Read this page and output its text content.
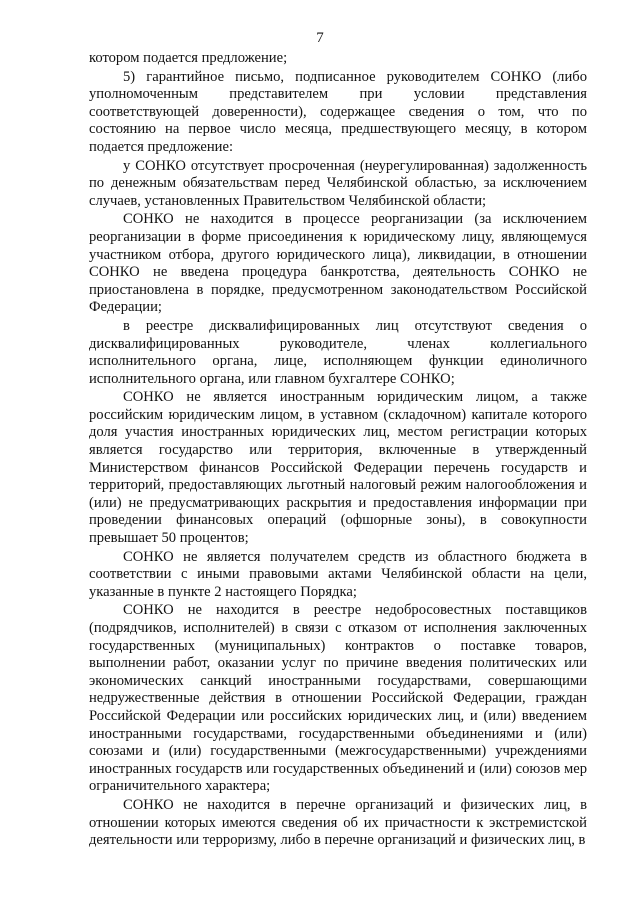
7

котором подается предложение;

5) гарантийное письмо, подписанное руководителем СОНКО (либо уполномоченным представителем при условии представления соответствующей доверенности), содержащее сведения о том, что по состоянию на первое число месяца, предшествующего месяцу, в котором подается предложение:

у СОНКО отсутствует просроченная (неурегулированная) задолженность по денежным обязательствам перед Челябинской областью, за исключением случаев, установленных Правительством Челябинской области;

СОНКО не находится в процессе реорганизации (за исключением реорганизации в форме присоединения к юридическому лицу, являющемуся участником отбора, другого юридического лица), ликвидации, в отношении СОНКО не введена процедура банкротства, деятельность СОНКО не приостановлена в порядке, предусмотренном законодательством Российской Федерации;

в реестре дисквалифицированных лиц отсутствуют сведения о дисквалифицированных руководителе, членах коллегиального исполнительного органа, лице, исполняющем функции единоличного исполнительного органа, или главном бухгалтере СОНКО;

СОНКО не является иностранным юридическим лицом, а также российским юридическим лицом, в уставном (складочном) капитале которого доля участия иностранных юридических лиц, местом регистрации которых является государство или территория, включенные в утвержденный Министерством финансов Российской Федерации перечень государств и территорий, предоставляющих льготный налоговый режим налогообложения и (или) не предусматривающих раскрытия и предоставления информации при проведении финансовых операций (офшорные зоны), в совокупности превышает 50 процентов;

СОНКО не является получателем средств из областного бюджета в соответствии с иными правовыми актами Челябинской области на цели, указанные в пункте 2 настоящего Порядка;

СОНКО не находится в реестре недобросовестных поставщиков (подрядчиков, исполнителей) в связи с отказом от исполнения заключенных государственных (муниципальных) контрактов о поставке товаров, выполнении работ, оказании услуг по причине введения политических или экономических санкций иностранными государствами, совершающими недружественные действия в отношении Российской Федерации, граждан Российской Федерации или российских юридических лиц, и (или) введением иностранными государствами, государственными объединениями и (или) союзами и (или) государственными (межгосударственными) учреждениями иностранных государств или государственных объединений и (или) союзов мер ограничительного характера;

СОНКО не находится в перечне организаций и физических лиц, в отношении которых имеются сведения об их причастности к экстремистской деятельности или терроризму, либо в перечне организаций и физических лиц, в
